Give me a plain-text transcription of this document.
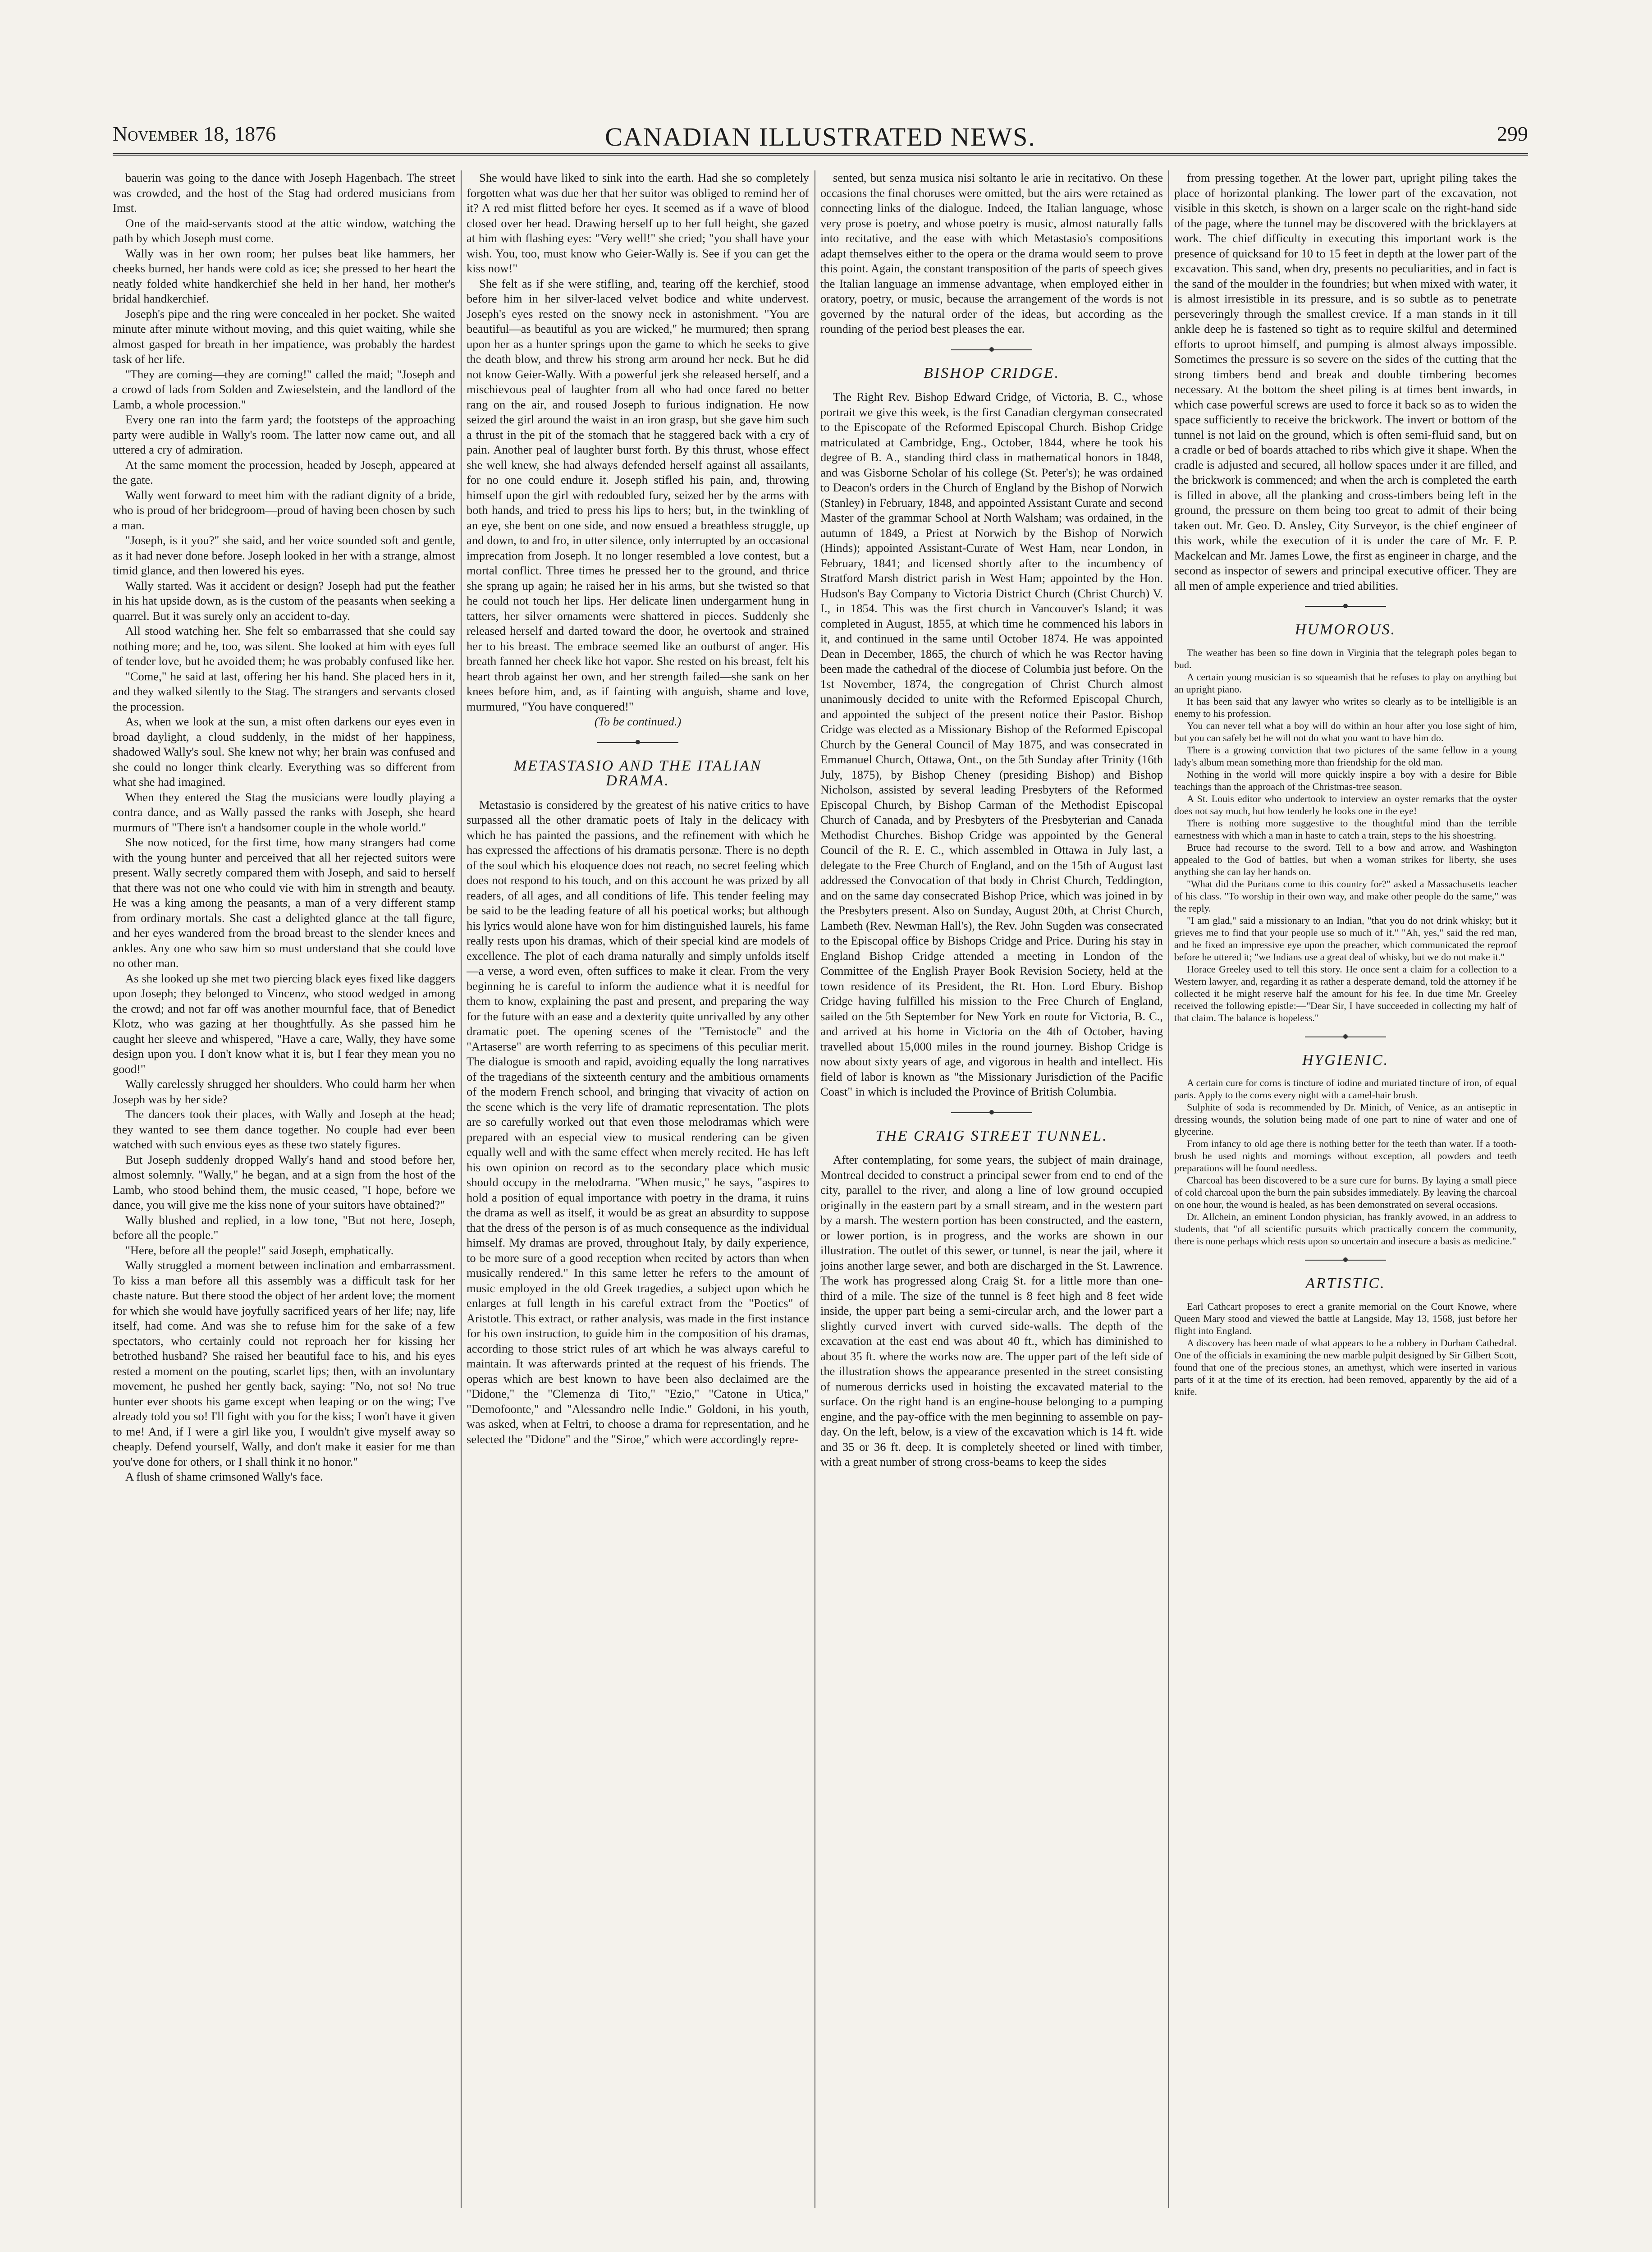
November 18, 1876	CANADIAN ILLUSTRATED NEWS.	299

bauerin was going to the dance with Joseph Hagenbach. The street was crowded, and the host of the Stag had ordered musicians from Imst.

One of the maid-servants stood at the attic window, watching the path by which Joseph must come.

Wally was in her own room; her pulses beat like hammers, her cheeks burned, her hands were cold as ice; she pressed to her heart the neatly folded white handkerchief she held in her hand, her mother's bridal handkerchief.

Joseph's pipe and the ring were concealed in her pocket. She waited minute after minute without moving, and this quiet waiting, while she almost gasped for breath in her impatience, was probably the hardest task of her life.

"They are coming—they are coming!" called the maid; "Joseph and a crowd of lads from Solden and Zwieselstein, and the landlord of the Lamb, a whole procession."

Every one ran into the farm yard; the footsteps of the approaching party were audible in Wally's room. The latter now came out, and all uttered a cry of admiration.

At the same moment the procession, headed by Joseph, appeared at the gate.

Wally went forward to meet him with the radiant dignity of a bride, who is proud of her bridegroom—proud of having been chosen by such a man.

"Joseph, is it you?" she said, and her voice sounded soft and gentle, as it had never done before. Joseph looked in her with a strange, almost timid glance, and then lowered his eyes.

Wally started. Was it accident or design? Joseph had put the feather in his hat upside down, as is the custom of the peasants when seeking a quarrel. But it was surely only an accident to-day.

All stood watching her. She felt so embarrassed that she could say nothing more; and he, too, was silent. She looked at him with eyes full of tender love, but he avoided them; he was probably confused like her.

"Come," he said at last, offering her his hand. She placed hers in it, and they walked silently to the Stag. The strangers and servants closed the procession.

As, when we look at the sun, a mist often darkens our eyes even in broad daylight, a cloud suddenly, in the midst of her happiness, shadowed Wally's soul. She knew not why; her brain was confused and she could no longer think clearly. Everything was so different from what she had imagined.

When they entered the Stag the musicians were loudly playing a contra dance, and as Wally passed the ranks with Joseph, she heard murmurs of "There isn't a handsomer couple in the whole world."

She now noticed, for the first time, how many strangers had come with the young hunter and perceived that all her rejected suitors were present. Wally secretly compared them with Joseph, and said to herself that there was not one who could vie with him in strength and beauty. He was a king among the peasants, a man of a very different stamp from ordinary mortals. She cast a delighted glance at the tall figure, and her eyes wandered from the broad breast to the slender knees and ankles. Any one who saw him so must understand that she could love no other man.

As she looked up she met two piercing black eyes fixed like daggers upon Joseph; they belonged to Vincenz, who stood wedged in among the crowd; and not far off was another mournful face, that of Benedict Klotz, who was gazing at her thoughtfully. As she passed him he caught her sleeve and whispered, "Have a care, Wally, they have some design upon you. I don't know what it is, but I fear they mean you no good!"

Wally carelessly shrugged her shoulders. Who could harm her when Joseph was by her side?

The dancers took their places, with Wally and Joseph at the head; they wanted to see them dance together. No couple had ever been watched with such envious eyes as these two stately figures.

But Joseph suddenly dropped Wally's hand and stood before her, almost solemnly. "Wally," he began, and at a sign from the host of the Lamb, who stood behind them, the music ceased, "I hope, before we dance, you will give me the kiss none of your suitors have obtained?"

Wally blushed and replied, in a low tone, "But not here, Joseph, before all the people."

"Here, before all the people!" said Joseph, emphatically.

Wally struggled a moment between inclination and embarrassment. To kiss a man before all this assembly was a difficult task for her chaste nature. But there stood the object of her ardent love; the moment for which she would have joyfully sacrificed years of her life; nay, life itself, had come. And was she to refuse him for the sake of a few spectators, who certainly could not reproach her for kissing her betrothed husband? She raised her beautiful face to his, and his eyes rested a moment on the pouting, scarlet lips; then, with an involuntary movement, he pushed her gently back, saying: "No, not so! No true hunter ever shoots his game except when leaping or on the wing; I've already told you so! I'll fight with you for the kiss; I won't have it given to me! And, if I were a girl like you, I wouldn't give myself away so cheaply. Defend yourself, Wally, and don't make it easier for me than you've done for others, or I shall think it no honor."

A flush of shame crimsoned Wally's face.

She would have liked to sink into the earth. Had she so completely forgotten what was due her that her suitor was obliged to remind her of it? A red mist flitted before her eyes. It seemed as if a wave of blood closed over her head. Drawing herself up to her full height, she gazed at him with flashing eyes: "Very well!" she cried; "you shall have your wish. You, too, must know who Geier-Wally is. See if you can get the kiss now!"

She felt as if she were stifling, and, tearing off the kerchief, stood before him in her silver-laced velvet bodice and white undervest. Joseph's eyes rested on the snowy neck in astonishment. "You are beautiful—as beautiful as you are wicked," he murmured; then sprang upon her as a hunter springs upon the game to which he seeks to give the death blow, and threw his strong arm around her neck. But he did not know Geier-Wally. With a powerful jerk she released herself, and a mischievous peal of laughter from all who had once fared no better rang on the air, and roused Joseph to furious indignation. He now seized the girl around the waist in an iron grasp, but she gave him such a thrust in the pit of the stomach that he staggered back with a cry of pain. Another peal of laughter burst forth. By this thrust, whose effect she well knew, she had always defended herself against all assailants, for no one could endure it. Joseph stifled his pain, and, throwing himself upon the girl with redoubled fury, seized her by the arms with both hands, and tried to press his lips to hers; but, in the twinkling of an eye, she bent on one side, and now ensued a breathless struggle, up and down, to and fro, in utter silence, only interrupted by an occasional imprecation from Joseph. It no longer resembled a love contest, but a mortal conflict. Three times he pressed her to the ground, and thrice she sprang up again; he raised her in his arms, but she twisted so that he could not touch her lips. Her delicate linen undergarment hung in tatters, her silver ornaments were shattered in pieces. Suddenly she released herself and darted toward the door, he overtook and strained her to his breast. The embrace seemed like an outburst of anger. His breath fanned her cheek like hot vapor. She rested on his breast, felt his heart throb against her own, and her strength failed—she sank on her knees before him, and, as if fainting with anguish, shame and love, murmured, "You have conquered!"

(To be continued.)

METASTASIO AND THE ITALIAN
DRAMA.

Metastasio is considered by the greatest of his native critics to have surpassed all the other dramatic poets of Italy in the delicacy with which he has painted the passions, and the refinement with which he has expressed the affections of his dramatis personæ. There is no depth of the soul which his eloquence does not reach, no secret feeling which does not respond to his touch, and on this account he was prized by all readers, of all ages, and all conditions of life. This tender feeling may be said to be the leading feature of all his poetical works; but although his lyrics would alone have won for him distinguished laurels, his fame really rests upon his dramas, which of their special kind are models of excellence. The plot of each drama naturally and simply unfolds itself—a verse, a word even, often suffices to make it clear. From the very beginning he is careful to inform the audience what it is needful for them to know, explaining the past and present, and preparing the way for the future with an ease and a dexterity quite unrivalled by any other dramatic poet. The opening scenes of the "Temistocle" and the "Artaserse" are worth referring to as specimens of this peculiar merit. The dialogue is smooth and rapid, avoiding equally the long narratives of the tragedians of the sixteenth century and the ambitious ornaments of the modern French school, and bringing that vivacity of action on the scene which is the very life of dramatic representation. The plots are so carefully worked out that even those melodramas which were prepared with an especial view to musical rendering can be given equally well and with the same effect when merely recited. He has left his own opinion on record as to the secondary place which music should occupy in the melodrama. "When music," he says, "aspires to hold a position of equal importance with poetry in the drama, it ruins the drama as well as itself, it would be as great an absurdity to suppose that the dress of the person is of as much consequence as the individual himself. My dramas are proved, throughout Italy, by daily experience, to be more sure of a good reception when recited by actors than when musically rendered." In this same letter he refers to the amount of music employed in the old Greek tragedies, a subject upon which he enlarges at full length in his careful extract from the "Poetics" of Aristotle. This extract, or rather analysis, was made in the first instance for his own instruction, to guide him in the composition of his dramas, according to those strict rules of art which he was always careful to maintain. It was afterwards printed at the request of his friends. The operas which are best known to have been also declaimed are the "Didone," the "Clemenza di Tito," "Ezio," "Catone in Utica," "Demofoonte," and "Alessandro nelle Indie." Goldoni, in his youth, was asked, when at Feltri, to choose a drama for representation, and he selected the "Didone" and the "Siroe," which were accordingly repre-

sented, but senza musica nisi soltanto le arie in recitativo. On these occasions the final choruses were omitted, but the airs were retained as connecting links of the dialogue. Indeed, the Italian language, whose very prose is poetry, and whose poetry is music, almost naturally falls into recitative, and the ease with which Metastasio's compositions adapt themselves either to the opera or the drama would seem to prove this point. Again, the constant transposition of the parts of speech gives the Italian language an immense advantage, when employed either in oratory, poetry, or music, because the arrangement of the words is not governed by the natural order of the ideas, but according as the rounding of the period best pleases the ear.

BISHOP CRIDGE.

The Right Rev. Bishop Edward Cridge, of Victoria, B. C., whose portrait we give this week, is the first Canadian clergyman consecrated to the Episcopate of the Reformed Episcopal Church. Bishop Cridge matriculated at Cambridge, Eng., October, 1844, where he took his degree of B. A., standing third class in mathematical honors in 1848, and was Gisborne Scholar of his college (St. Peter's); he was ordained to Deacon's orders in the Church of England by the Bishop of Norwich (Stanley) in February, 1848, and appointed Assistant Curate and second Master of the grammar School at North Walsham; was ordained, in the autumn of 1849, a Priest at Norwich by the Bishop of Norwich (Hinds); appointed Assistant-Curate of West Ham, near London, in February, 1841; and licensed shortly after to the incumbency of Stratford Marsh district parish in West Ham; appointed by the Hon. Hudson's Bay Company to Victoria District Church (Christ Church) V. I., in 1854. This was the first church in Vancouver's Island; it was completed in August, 1855, at which time he commenced his labors in it, and continued in the same until October 1874. He was appointed Dean in December, 1865, the church of which he was Rector having been made the cathedral of the diocese of Columbia just before. On the 1st November, 1874, the congregation of Christ Church almost unanimously decided to unite with the Reformed Episcopal Church, and appointed the subject of the present notice their Pastor. Bishop Cridge was elected as a Missionary Bishop of the Reformed Episcopal Church by the General Council of May 1875, and was consecrated in Emmanuel Church, Ottawa, Ont., on the 5th Sunday after Trinity (16th July, 1875), by Bishop Cheney (presiding Bishop) and Bishop Nicholson, assisted by several leading Presbyters of the Reformed Episcopal Church, by Bishop Carman of the Methodist Episcopal Church of Canada, and by Presbyters of the Presbyterian and Canada Methodist Churches. Bishop Cridge was appointed by the General Council of the R. E. C., which assembled in Ottawa in July last, a delegate to the Free Church of England, and on the 15th of August last addressed the Convocation of that body in Christ Church, Teddington, and on the same day consecrated Bishop Price, which was joined in by the Presbyters present. Also on Sunday, August 20th, at Christ Church, Lambeth (Rev. Newman Hall's), the Rev. John Sugden was consecrated to the Episcopal office by Bishops Cridge and Price. During his stay in England Bishop Cridge attended a meeting in London of the Committee of the English Prayer Book Revision Society, held at the town residence of its President, the Rt. Hon. Lord Ebury. Bishop Cridge having fulfilled his mission to the Free Church of England, sailed on the 5th September for New York en route for Victoria, B. C., and arrived at his home in Victoria on the 4th of October, having travelled about 15,000 miles in the round journey. Bishop Cridge is now about sixty years of age, and vigorous in health and intellect. His field of labor is known as "the Missionary Jurisdiction of the Pacific Coast" in which is included the Province of British Columbia.

THE CRAIG STREET TUNNEL.

After contemplating, for some years, the subject of main drainage, Montreal decided to construct a principal sewer from end to end of the city, parallel to the river, and along a line of low ground occupied originally in the eastern part by a small stream, and in the western part by a marsh. The western portion has been constructed, and the eastern, or lower portion, is in progress, and the works are shown in our illustration. The outlet of this sewer, or tunnel, is near the jail, where it joins another large sewer, and both are discharged in the St. Lawrence. The work has progressed along Craig St. for a little more than one-third of a mile. The size of the tunnel is 8 feet high and 8 feet wide inside, the upper part being a semi-circular arch, and the lower part a slightly curved invert with curved side-walls. The depth of the excavation at the east end was about 40 ft., which has diminished to about 35 ft. where the works now are. The upper part of the left side of the illustration shows the appearance presented in the street consisting of numerous derricks used in hoisting the excavated material to the surface. On the right hand is an engine-house belonging to a pumping engine, and the pay-office with the men beginning to assemble on pay-day. On the left, below, is a view of the excavation which is 14 ft. wide and 35 or 36 ft. deep. It is completely sheeted or lined with timber, with a great number of strong cross-beams to keep the sides

from pressing together. At the lower part, upright piling takes the place of horizontal planking. The lower part of the excavation, not visible in this sketch, is shown on a larger scale on the right-hand side of the page, where the tunnel may be discovered with the bricklayers at work. The chief difficulty in executing this important work is the presence of quicksand for 10 to 15 feet in depth at the lower part of the excavation. This sand, when dry, presents no peculiarities, and in fact is the sand of the moulder in the foundries; but when mixed with water, it is almost irresistible in its pressure, and is so subtle as to penetrate perseveringly through the smallest crevice. If a man stands in it till ankle deep he is fastened so tight as to require skilful and determined efforts to uproot himself, and pumping is almost always impossible. Sometimes the pressure is so severe on the sides of the cutting that the strong timbers bend and break and double timbering becomes necessary. At the bottom the sheet piling is at times bent inwards, in which case powerful screws are used to force it back so as to widen the space sufficiently to receive the brickwork. The invert or bottom of the tunnel is not laid on the ground, which is often semi-fluid sand, but on a cradle or bed of boards attached to ribs which give it shape. When the cradle is adjusted and secured, all hollow spaces under it are filled, and the brickwork is commenced; and when the arch is completed the earth is filled in above, all the planking and cross-timbers being left in the ground, the pressure on them being too great to admit of their being taken out. Mr. Geo. D. Ansley, City Surveyor, is the chief engineer of this work, while the execution of it is under the care of Mr. F. P. Mackelcan and Mr. James Lowe, the first as engineer in charge, and the second as inspector of sewers and principal executive officer. They are all men of ample experience and tried abilities.

HUMOROUS.

The weather has been so fine down in Virginia that the telegraph poles began to bud.

A certain young musician is so squeamish that he refuses to play on anything but an upright piano.

It has been said that any lawyer who writes so clearly as to be intelligible is an enemy to his profession.

You can never tell what a boy will do within an hour after you lose sight of him, but you can safely bet he will not do what you want to have him do.

There is a growing conviction that two pictures of the same fellow in a young lady's album mean something more than friendship for the old man.

Nothing in the world will more quickly inspire a boy with a desire for Bible teachings than the approach of the Christmas-tree season.

A St. Louis editor who undertook to interview an oyster remarks that the oyster does not say much, but how tenderly he looks one in the eye!

There is nothing more suggestive to the thoughtful mind than the terrible earnestness with which a man in haste to catch a train, steps to the his shoestring.

Bruce had recourse to the sword. Tell to a bow and arrow, and Washington appealed to the God of battles, but when a woman strikes for liberty, she uses anything she can lay her hands on.

"What did the Puritans come to this country for?" asked a Massachusetts teacher of his class. "To worship in their own way, and make other people do the same," was the reply.

"I am glad," said a missionary to an Indian, "that you do not drink whisky; but it grieves me to find that your people use so much of it." "Ah, yes," said the red man, and he fixed an impressive eye upon the preacher, which communicated the reproof before he uttered it; "we Indians use a great deal of whisky, but we do not make it."

Horace Greeley used to tell this story. He once sent a claim for a collection to a Western lawyer, and, regarding it as rather a desperate demand, told the attorney if he collected it he might reserve half the amount for his fee. In due time Mr. Greeley received the following epistle:—"Dear Sir, I have succeeded in collecting my half of that claim. The balance is hopeless."

HYGIENIC.

A certain cure for corns is tincture of iodine and muriated tincture of iron, of equal parts. Apply to the corns every night with a camel-hair brush.

Sulphite of soda is recommended by Dr. Minich, of Venice, as an antiseptic in dressing wounds, the solution being made of one part to nine of water and one of glycerine.

From infancy to old age there is nothing better for the teeth than water. If a tooth-brush be used nights and mornings without exception, all powders and teeth preparations will be found needless.

Charcoal has been discovered to be a sure cure for burns. By laying a small piece of cold charcoal upon the burn the pain subsides immediately. By leaving the charcoal on one hour, the wound is healed, as has been demonstrated on several occasions.

Dr. Allchein, an eminent London physician, has frankly avowed, in an address to students, that "of all scientific pursuits which practically concern the community, there is none perhaps which rests upon so uncertain and insecure a basis as medicine."

ARTISTIC.

Earl Cathcart proposes to erect a granite memorial on the Court Knowe, where Queen Mary stood and viewed the battle at Langside, May 13, 1568, just before her flight into England.

A discovery has been made of what appears to be a robbery in Durham Cathedral. One of the officials in examining the new marble pulpit designed by Sir Gilbert Scott, found that one of the precious stones, an amethyst, which were inserted in various parts of it at the time of its erection, had been removed, apparently by the aid of a knife.
